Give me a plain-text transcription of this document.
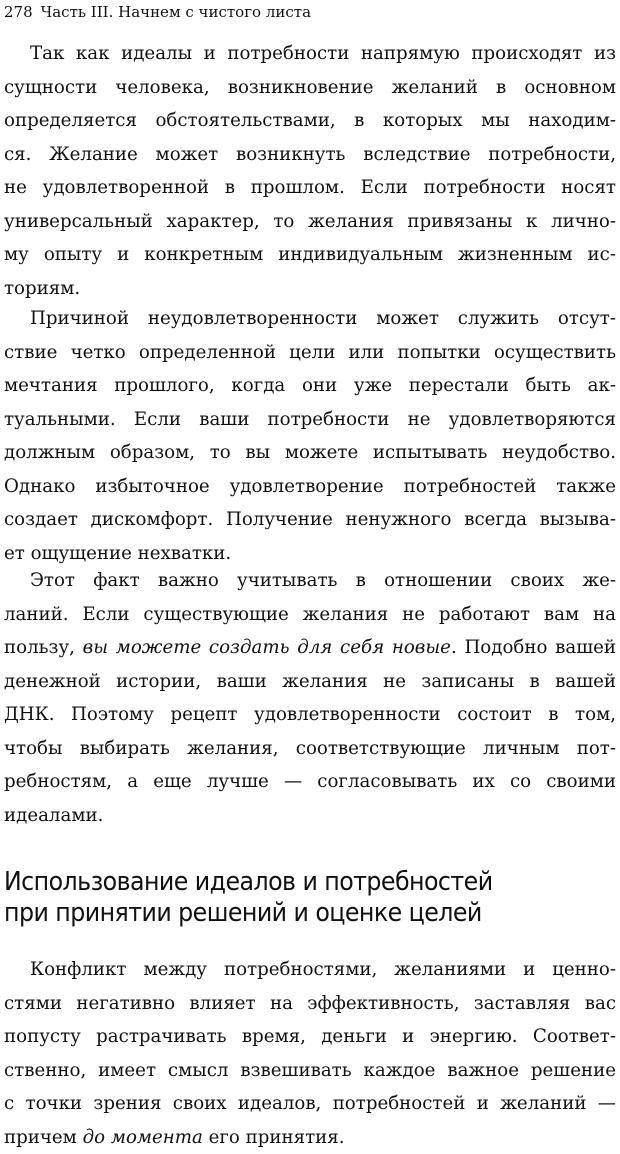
278 Часть III. Начнем с чистого листа

Так как идеалы и потребности напрямую происходят из
сущности человека, возникновение желаний в основном
определяется обстоятельствами, в которых мы находим-
ся. Желание может возникнуть вследствие потребности,
не удовлетворенной в прошлом. Если потребности носят
универсальный характер, то желания привязаны к лично-
му опыту и конкретным индивидуальным жизненным ис-
ториям.

Причиной неудовлетворенности может служить отсут-
ствие четко определенной цели или попытки осуществить
мечтания прошлого, когда они уже перестали быть ак-
туальными. Если ваши потребности не удовлетворяются
должным образом, то вы можете испытывать неудобство.
Однако избыточное удовлетворение потребностей также
создает дискомфорт. Получение ненужного всегда вызыва-
ет ощущение нехватки.

Этот факт важно учитывать в отношении своих же-
ланий. Если существующие желания не работают вам на
пользу, вы можете создать для себя новые. Подобно вашей
денежной истории, ваши желания не записаны в вашей
ДНК. Поэтому рецепт удовлетворенности состоит в том,
чтобы выбирать желания, соответствующие личным пот-
ребностям, а еще лучше — согласовывать их со своими
идеалами.

Использование идеалов и потребностей
при принятии решений и оценке целей

Конфликт между потребностями, желаниями и ценно-
стями негативно влияет на эффективность, заставляя вас
попусту растрачивать время, деньги и энергию. Соответ-
ственно, имеет смысл взвешивать каждое важное решение
с точки зрения своих идеалов, потребностей и желаний —
причем до момента его принятия.
